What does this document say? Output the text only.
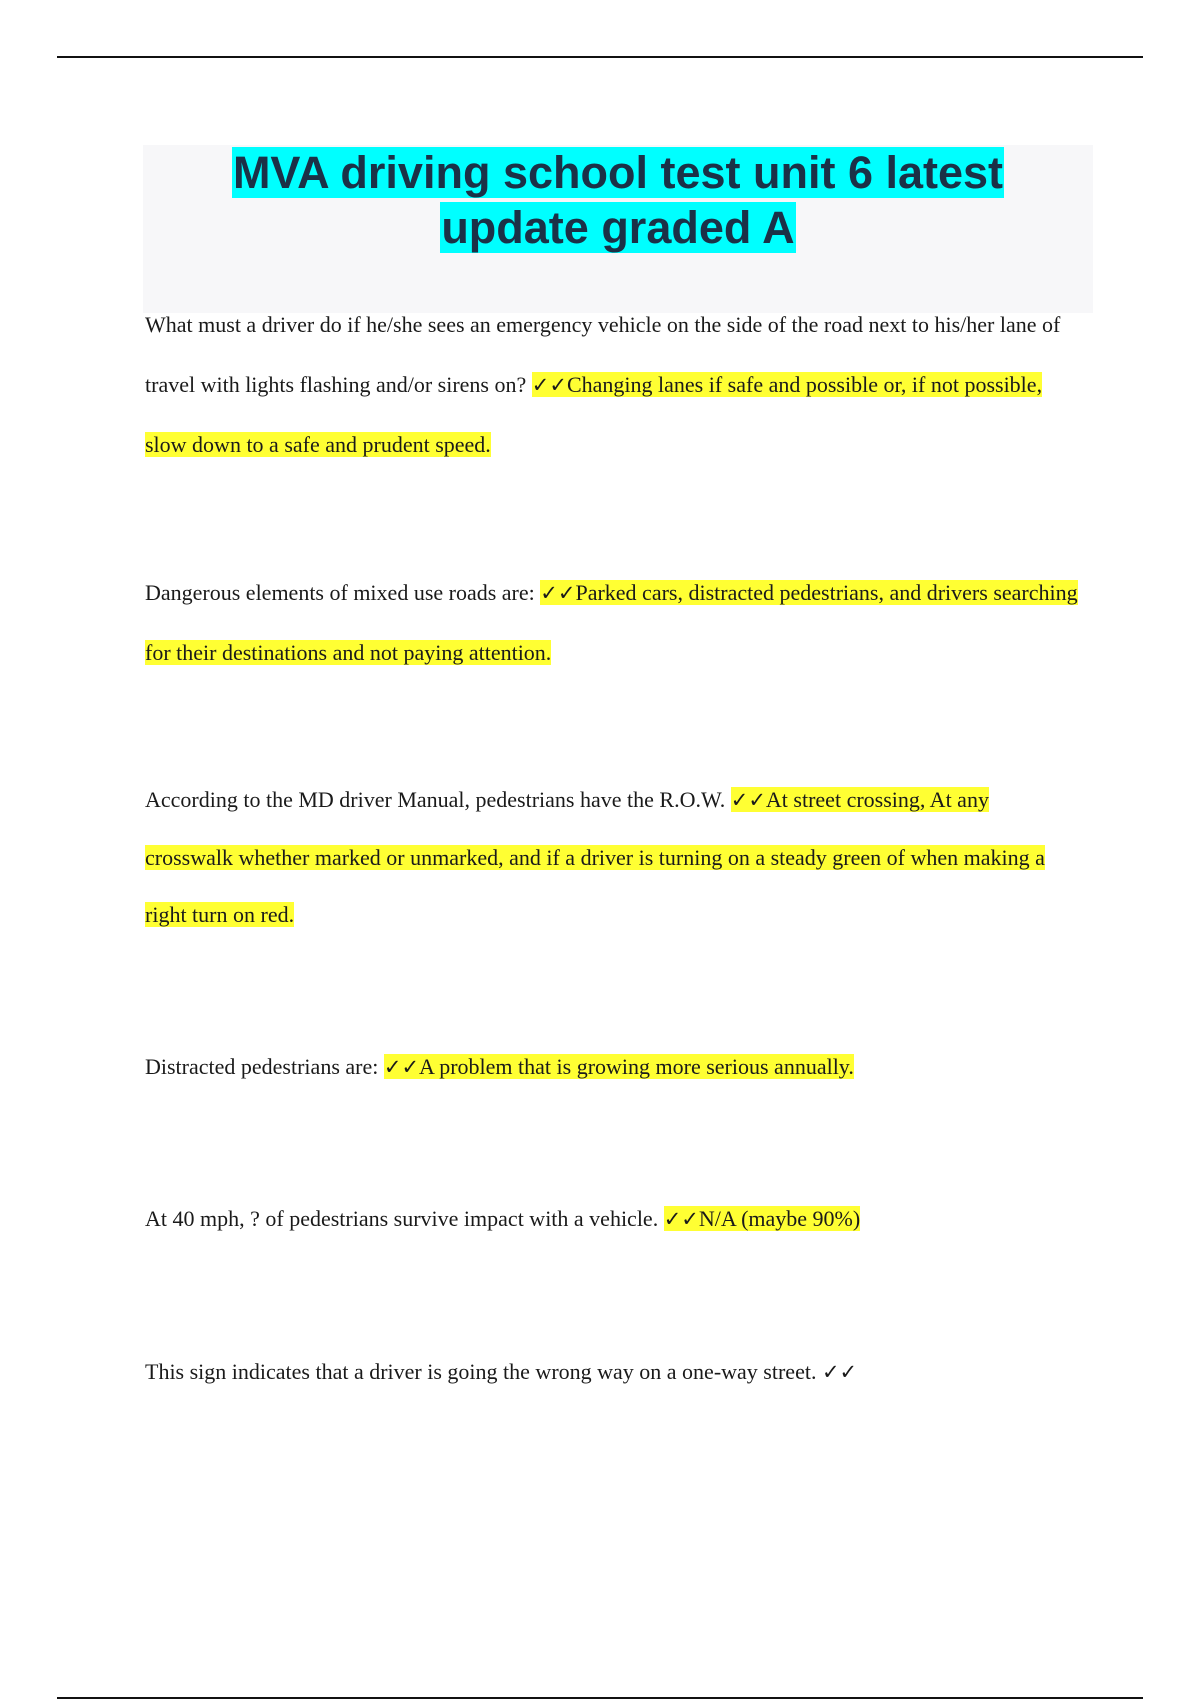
MVA driving school test unit 6 latest
update graded A

What must a driver do if he/she sees an emergency vehicle on the side of the road next to his/her lane of travel with lights flashing and/or sirens on? ✓✓Changing lanes if safe and possible or, if not possible, slow down to a safe and prudent speed.

Dangerous elements of mixed use roads are: ✓✓Parked cars, distracted pedestrians, and drivers searching for their destinations and not paying attention.

According to the MD driver Manual, pedestrians have the R.O.W. ✓✓At street crossing, At any crosswalk whether marked or unmarked, and if a driver is turning on a steady green of when making a right turn on red.

Distracted pedestrians are: ✓✓A problem that is growing more serious annually.

At 40 mph, ? of pedestrians survive impact with a vehicle. ✓✓N/A (maybe 90%)

This sign indicates that a driver is going the wrong way on a one-way street. ✓✓
